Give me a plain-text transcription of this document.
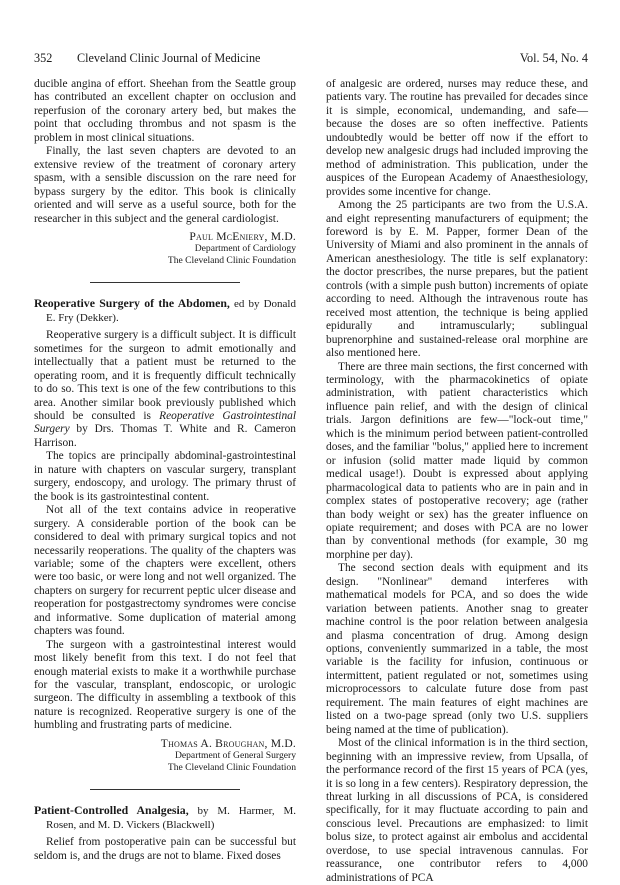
352 Cleveland Clinic Journal of Medicine	Vol. 54, No. 4

ducible angina of effort. Sheehan from the Seattle group has contributed an excellent chapter on occlusion and reperfusion of the coronary artery bed, but makes the point that occluding thrombus and not spasm is the problem in most clinical situations.

Finally, the last seven chapters are devoted to an extensive review of the treatment of coronary artery spasm, with a sensible discussion on the rare need for bypass surgery by the editor. This book is clinically oriented and will serve as a useful source, both for the researcher in this subject and the general cardiologist.

Paul McEniery, M.D.
Department of Cardiology
The Cleveland Clinic Foundation
Reoperative Surgery of the Abdomen, ed by Donald E. Fry (Dekker).

Reoperative surgery is a difficult subject. It is difficult sometimes for the surgeon to admit emotionally and intellectually that a patient must be returned to the operating room, and it is frequently difficult technically to do so. This text is one of the few contributions to this area. Another similar book previously published which should be consulted is Reoperative Gastrointestinal Surgery by Drs. Thomas T. White and R. Cameron Harrison.

The topics are principally abdominal-gastrointestinal in nature with chapters on vascular surgery, transplant surgery, endoscopy, and urology. The primary thrust of the book is its gastrointestinal content.

Not all of the text contains advice in reoperative surgery. A considerable portion of the book can be considered to deal with primary surgical topics and not necessarily reoperations. The quality of the chapters was variable; some of the chapters were excellent, others were too basic, or were long and not well organized. The chapters on surgery for recurrent peptic ulcer disease and reoperation for postgastrectomy syndromes were concise and informative. Some duplication of material among chapters was found.

The surgeon with a gastrointestinal interest would most likely benefit from this text. I do not feel that enough material exists to make it a worthwhile purchase for the vascular, transplant, endoscopic, or urologic surgeon. The difficulty in assembling a textbook of this nature is recognized. Reoperative surgery is one of the humbling and frustrating parts of medicine.

Thomas A. Broughan, M.D.
Department of General Surgery
The Cleveland Clinic Foundation
Patient-Controlled Analgesia, by M. Harmer, M. Rosen, and M. D. Vickers (Blackwell)

Relief from postoperative pain can be successful but seldom is, and the drugs are not to blame. Fixed doses

of analgesic are ordered, nurses may reduce these, and patients vary. The routine has prevailed for decades since it is simple, economical, undemanding, and safe—because the doses are so often ineffective. Patients undoubtedly would be better off now if the effort to develop new analgesic drugs had included improving the method of administration. This publication, under the auspices of the European Academy of Anaesthesiology, provides some incentive for change.

Among the 25 participants are two from the U.S.A. and eight representing manufacturers of equipment; the foreword is by E. M. Papper, former Dean of the University of Miami and also prominent in the annals of American anesthesiology. The title is self explanatory: the doctor prescribes, the nurse prepares, but the patient controls (with a simple push button) increments of opiate according to need. Although the intravenous route has received most attention, the technique is being applied epidurally and intramuscularly; sublingual buprenorphine and sustained-release oral morphine are also mentioned here.

There are three main sections, the first concerned with terminology, with the pharmacokinetics of opiate administration, with patient characteristics which influence pain relief, and with the design of clinical trials. Jargon definitions are few—"lock-out time," which is the minimum period between patient-controlled doses, and the familiar "bolus," applied here to increment or infusion (solid matter made liquid by common medical usage!). Doubt is expressed about applying pharmacological data to patients who are in pain and in complex states of postoperative recovery; age (rather than body weight or sex) has the greater influence on opiate requirement; and doses with PCA are no lower than by conventional methods (for example, 30 mg morphine per day).

The second section deals with equipment and its design. "Nonlinear" demand interferes with mathematical models for PCA, and so does the wide variation between patients. Another snag to greater machine control is the poor relation between analgesia and plasma concentration of drug. Among design options, conveniently summarized in a table, the most variable is the facility for infusion, continuous or intermittent, patient regulated or not, sometimes using microprocessors to calculate future dose from past requirement. The main features of eight machines are listed on a two-page spread (only two U.S. suppliers being named at the time of publication).

Most of the clinical information is in the third section, beginning with an impressive review, from Upsalla, of the performance record of the first 15 years of PCA (yes, it is so long in a few centers). Respiratory depression, the threat lurking in all discussions of PCA, is considered specifically, for it may fluctuate according to pain and conscious level. Precautions are emphasized: to limit bolus size, to protect against air embolus and accidental overdose, to use special intravenous cannulas. For reassurance, one contributor refers to 4,000 administrations of PCA
